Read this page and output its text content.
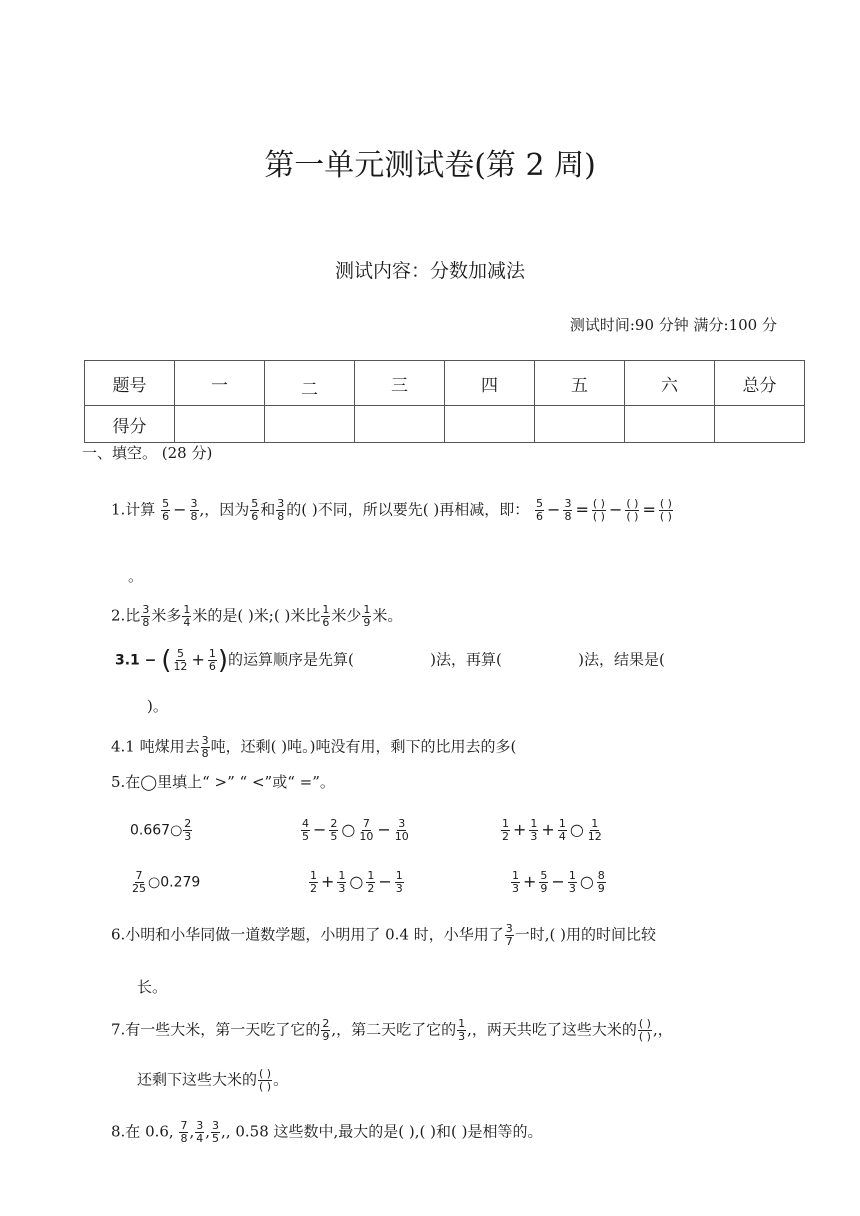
第一单元测试卷(第 2 周)
测试内容：分数加减法
测试时间:90 分钟 满分:100 分
题号	一	二	三	四	五	六	总分
得分							
一、填空。 (28 分)
1.计算 $\frac{5}{6} - \frac{3}{8}$ ,，因为 $\frac{5}{6}$ 和 $\frac{3}{8}$ 的( )不同，所以要先( )再相减，即： $\frac{5}{6} - \frac{3}{8} = \frac{( )}{( )} - \frac{( )}{( )} = \frac{( )}{( )}$
。
2.比 $\frac{3}{8}$ 米多 $\frac{1}{4}$ 米的是( )米;( )米比 $\frac{1}{6}$ 米少 $\frac{1}{9}$ 米。
3.1 − ( $\frac{5}{12} + \frac{1}{6}$ )的运算顺序是先算(                )法，再算(                )法，结果是(
)。
4.1 吨煤用去 $\frac{3}{8}$ 吨，还剩( )吨。)吨没有用，剩下的比用去的多(
5.在◯里填上“ >” “ <”或“ =”。
0.667○ $\frac{2}{3}$	$\frac{4}{5} - \frac{2}{5}$ ○ $\frac{7}{10} - \frac{3}{10}$	$\frac{1}{2} + \frac{1}{3} + \frac{1}{4}$ ○ $\frac{1}{12}$
$\frac{7}{25}$ ○0.279	$\frac{1}{2} + \frac{1}{3}$ ○ $\frac{1}{2} - \frac{1}{3}$	$\frac{1}{3} + \frac{5}{9} - \frac{1}{3}$ ○ $\frac{8}{9}$
6.小明和小华同做一道数学题，小明用了 0.4 时，小华用了 $\frac{3}{7}$ 一时,( )用的时间比较
长。
7.有一些大米，第一天吃了它的 $\frac{2}{9}$ ,，第二天吃了它的 $\frac{1}{3}$ ,，两天共吃了这些大米的 $\frac{( )}{( )}$ ,，
还剩下这些大米的 $\frac{( )}{( )}$ 。
8.在 0.6, $\frac{7}{8}$ , $\frac{3}{4}$ , $\frac{3}{5}$ ,, 0.58 这些数中,最大的是( ),( )和( )是相等的。
